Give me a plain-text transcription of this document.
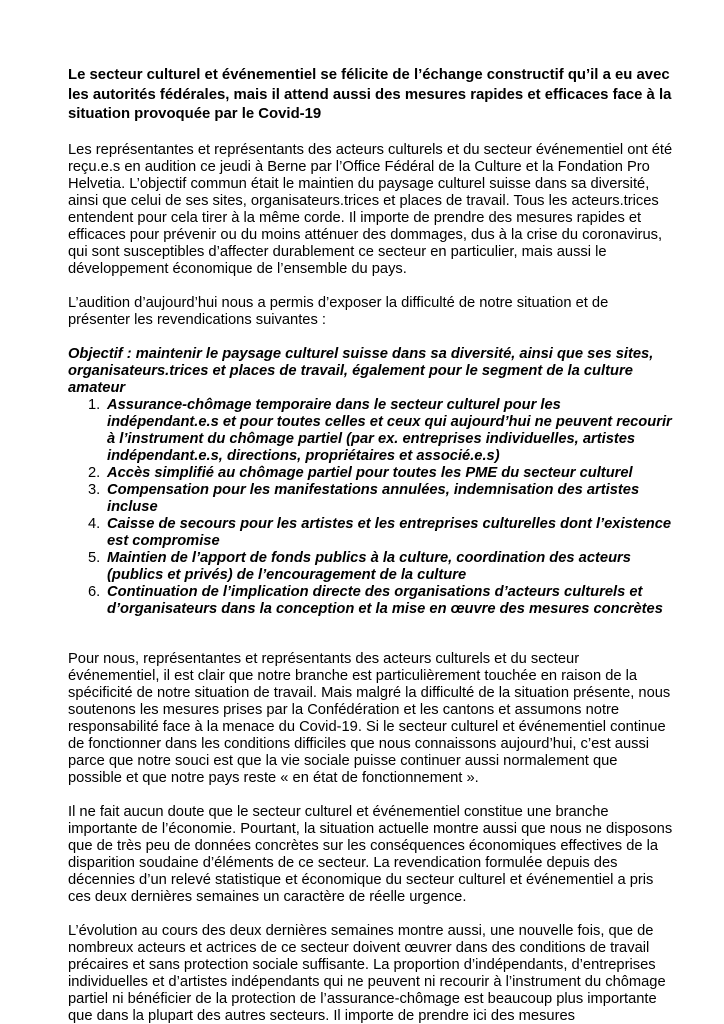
Le secteur culturel et événementiel se félicite de l’échange constructif qu’il a eu avec les autorités fédérales, mais il attend aussi des mesures rapides et efficaces face à la situation provoquée par le Covid-19

Les représentantes et représentants des acteurs culturels et du secteur événementiel ont été reçu.e.s en audition ce jeudi à Berne par l’Office Fédéral de la Culture et la Fondation Pro Helvetia. L’objectif commun était le maintien du paysage culturel suisse dans sa diversité, ainsi que celui de ses sites, organisateurs.trices et places de travail. Tous les acteurs.trices entendent pour cela tirer à la même corde. Il importe de prendre des mesures rapides et efficaces pour prévenir ou du moins atténuer des dommages, dus à la crise du coronavirus, qui sont susceptibles d’affecter durablement ce secteur en particulier, mais aussi le développement économique de l’ensemble du pays.

L’audition d’aujourd’hui nous a permis d’exposer la difficulté de notre situation et de présenter les revendications suivantes :

Objectif : maintenir le paysage culturel suisse dans sa diversité, ainsi que ses sites, organisateurs.trices et places de travail, également pour le segment de la culture amateur

1. Assurance-chômage temporaire dans le secteur culturel pour les indépendant.e.s et pour toutes celles et ceux qui aujourd’hui ne peuvent recourir à l’instrument du chômage partiel (par ex. entreprises individuelles, artistes indépendant.e.s, directions, propriétaires et associé.e.s)
2. Accès simplifié au chômage partiel pour toutes les PME du secteur culturel
3. Compensation pour les manifestations annulées, indemnisation des artistes incluse
4. Caisse de secours pour les artistes et les entreprises culturelles dont l’existence est compromise
5. Maintien de l’apport de fonds publics à la culture, coordination des acteurs (publics et privés) de l’encouragement de la culture
6. Continuation de l’implication directe des organisations d’acteurs culturels et d’organisateurs dans la conception et la mise en œuvre des mesures concrètes

Pour nous, représentantes et représentants des acteurs culturels et du secteur événementiel, il est clair que notre branche est particulièrement touchée en raison de la spécificité de notre situation de travail. Mais malgré la difficulté de la situation présente, nous soutenons les mesures prises par la Confédération et les cantons et assumons notre responsabilité face à la menace du Covid-19. Si le secteur culturel et événementiel continue de fonctionner dans les conditions difficiles que nous connaissons aujourd’hui, c’est aussi parce que notre souci est que la vie sociale puisse continuer aussi normalement que possible et que notre pays reste « en état de fonctionnement ».

Il ne fait aucun doute que le secteur culturel et événementiel constitue une branche importante de l’économie. Pourtant, la situation actuelle montre aussi que nous ne disposons que de très peu de données concrètes sur les conséquences économiques effectives de la disparition soudaine d’éléments de ce secteur. La revendication formulée depuis des décennies d’un relevé statistique et économique du secteur culturel et événementiel a pris ces deux dernières semaines un caractère de réelle urgence.

L’évolution au cours des deux dernières semaines montre aussi, une nouvelle fois, que de nombreux acteurs et actrices de ce secteur doivent œuvrer dans des conditions de travail précaires et sans protection sociale suffisante. La proportion d’indépendants, d’entreprises individuelles et d’artistes indépendants qui ne peuvent ni recourir à l’instrument du chômage partiel ni bénéficier de la protection de l’assurance-chômage est beaucoup plus importante que dans la plupart des autres secteurs. Il importe de prendre ici des mesures
